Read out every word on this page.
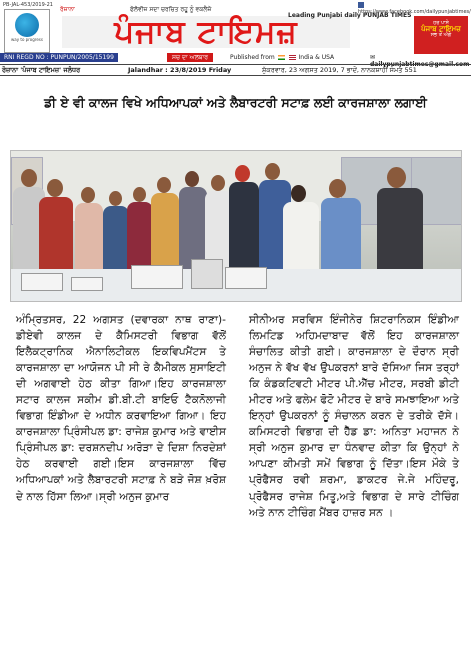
PB-JAL-453/2019-21
way to progress
ਰੋਜ਼ਾਨਾ	ਫੋਲੋਵੀਜ਼ ਸਦਾ ਚਰਚਿਤ ਰਹੂ ਨੂੰ ਵਕਲੈਜ਼ੋ
ਪੰਜਾਬ ਟਾਇਮਜ਼
Leading Punjabi daily PUNJAB TIMES
https://www.facebook.com/dailypunjabtimes/
ਹਰ ਪਾਸੇ
ਪੰਜਾਬ ਟਾਇਮਜ਼
ਸਭ ਤੋਂ ਅੱਗੇ
RNI REGD NO : PUNPUN/2005/15199	ਸਚ ਦਾ ਅਲਬਾਰ	Published from	India & USA	✉ dailypunjabtimes@gmail.com
ਰੋਜ਼ਾਨਾ 'ਪੰਜਾਬ ਟਾਇਮਜ਼' ਜਲੰਧਰ	Jalandhar : 23/8/2019 Friday	ਸ਼ੁੱਕਰਵਾਰ, 23 ਅਗਸਤ 2019, 7 ਭਾਦੋਂ, ਨਾਨਕਸ਼ਾਹੀ ਸੰਮਤ 551
ਡੀ ਏ ਵੀ ਕਾਲਜ ਵਿਖੇ ਅਧਿਆਪਕਾਂ ਅਤੇ ਲੈਬਾਰਟਰੀ ਸਟਾਫ਼ ਲਈ ਕਾਰਜਸ਼ਾਲਾ ਲਗਾਈ
ਅੰਮ੍ਰਿਤਸਰ, 22 ਅਗਸਤ (ਦਵਾਰਕਾ ਨਾਥ ਰਾਣਾ)-ਡੀਏਵੀ ਕਾਲਜ ਦੇ ਕੈਮਿਸਟਰੀ ਵਿਭਾਗ ਵੱਲੋਂ ਇਲੈਕਟ੍ਰਾਨਿਕ ਐਨਾਲਿਟੀਕਲ ਇਕਵਿਪਮੈਂਟਸ ਤੇ ਕਾਰਜਸ਼ਾਲਾ ਦਾ ਆਯੋਜਨ ਪੀ ਸੀ ਰੇ ਕੈਮੀਕਲ ਸੁਸਾਇਟੀ ਦੀ ਅਗਵਾਈ ਹੇਠ ਕੀਤਾ ਗਿਆ।ਇਹ ਕਾਰਜਸ਼ਾਲਾ ਸਟਾਰ ਕਾਲਜ ਸਕੀਮ ਡੀ.ਬੀ.ਟੀ ਬਾਇਓ ਟੈਕਨੋਲਾਜੀ ਵਿਭਾਗ ਇੰਡੀਆ ਦੇ ਅਧੀਨ ਕਰਵਾਇਆ ਗਿਆ। ਇਹ ਕਾਰਜਸ਼ਾਲਾ ਪ੍ਰਿੰਸੀਪਲ ਡਾ: ਰਾਜੇਸ਼ ਕੁਮਾਰ ਅਤੇ ਵਾਈਸ ਪ੍ਰਿੰਸੀਪਲ ਡਾ: ਦਰਸ਼ਨਦੀਪ ਅਰੋੜਾ ਦੇ ਦਿਸ਼ਾ ਨਿਰਦੇਸ਼ਾਂ ਹੇਠ ਕਰਵਾਈ ਗਈ।ਇਸ ਕਾਰਜਸ਼ਾਲਾ ਵਿੱਚ ਅਧਿਆਪਕਾਂ ਅਤੇ ਲੈਬਾਰਟਰੀ ਸਟਾਫ਼ ਨੇ ਬੜੇ ਜੋਸ਼ ਖ਼ਰੋਸ਼ ਦੇ ਨਾਲ ਹਿੱਸਾ ਲਿਆ।ਸ੍ਰੀ ਅਨੁਜ ਕੁਮਾਰ
ਸੀਨੀਅਰ ਸਰਵਿਸ ਇੰਜੀਨੇਰ ਸ਼ਿਟਰਾਨਿਕਸ ਇੰਡੀਆ ਲਿਮਟਿਡ ਅਹਿਮਦਾਬਾਦ ਵੱਲੋਂ ਇਹ ਕਾਰਜਸ਼ਾਲਾ ਸੰਚਾਲਿਤ ਕੀਤੀ ਗਈ। ਕਾਰਜਸ਼ਾਲਾ ਦੇ ਦੌਰਾਨ ਸ੍ਰੀ ਅਨੁਜ ਨੇ ਵੱਖ ਵੱਖ ਉਪਕਰਨਾਂ ਬਾਰੇ ਦੱਸਿਆ ਜਿਸ ਤਰ੍ਹਾਂ ਕਿ ਕੰਡਕਟਿਵਟੀ ਮੀਟਰ ਪੀ.ਐੱਚ ਮੀਟਰ, ਸਰਬੀ ਡੀਟੀ ਮੀਟਰ ਅਤੇ ਫਲੇਮ ਫੋਟੋ ਮੀਟਰ ਦੇ ਬਾਰੇ ਸਮਝਾਇਆ ਅਤੇ ਇਨ੍ਹਾਂ ਉਪਕਰਨਾਂ ਨੂੰ ਸੰਚਾਲਨ ਕਰਨ ਦੇ ਤਰੀਕੇ ਦੱਸੇ।ਕਮਿਸਟਰੀ ਵਿਭਾਗ ਦੀ ਹੈੱਡ ਡਾ: ਅਨਿਤਾ ਮਹਾਜਨ ਨੇ ਸ੍ਰੀ ਅਨੁਜ ਕੁਮਾਰ ਦਾ ਧੰਨਵਾਦ ਕੀਤਾ ਕਿ ਉਨ੍ਹਾਂ ਨੇ ਆਪਣਾ ਕੀਮਤੀ ਸਮੇਂ ਵਿਭਾਗ ਨੂੰ ਦਿੱਤਾ।ਇਸ ਮੌਕੇ ਤੇ ਪ੍ਰੋਫੈਸਰ ਰਵੀ ਸ਼ਰਮਾ, ਡਾਕਟਰ ਜੇ.ਜੇ ਮਹਿੰਦਰੂ, ਪ੍ਰੋਫੈਸਰ ਰਾਜੇਸ਼ ਮਿਤੂ,ਅਤੇ ਵਿਭਾਗ ਦੇ ਸਾਰੇ ਟੀਚਿੰਗ ਅਤੇ ਨਾਨ ਟੀਚਿੰਗ ਮੈਂਬਰ ਹਾਜ਼ਰ ਸਨ ।
